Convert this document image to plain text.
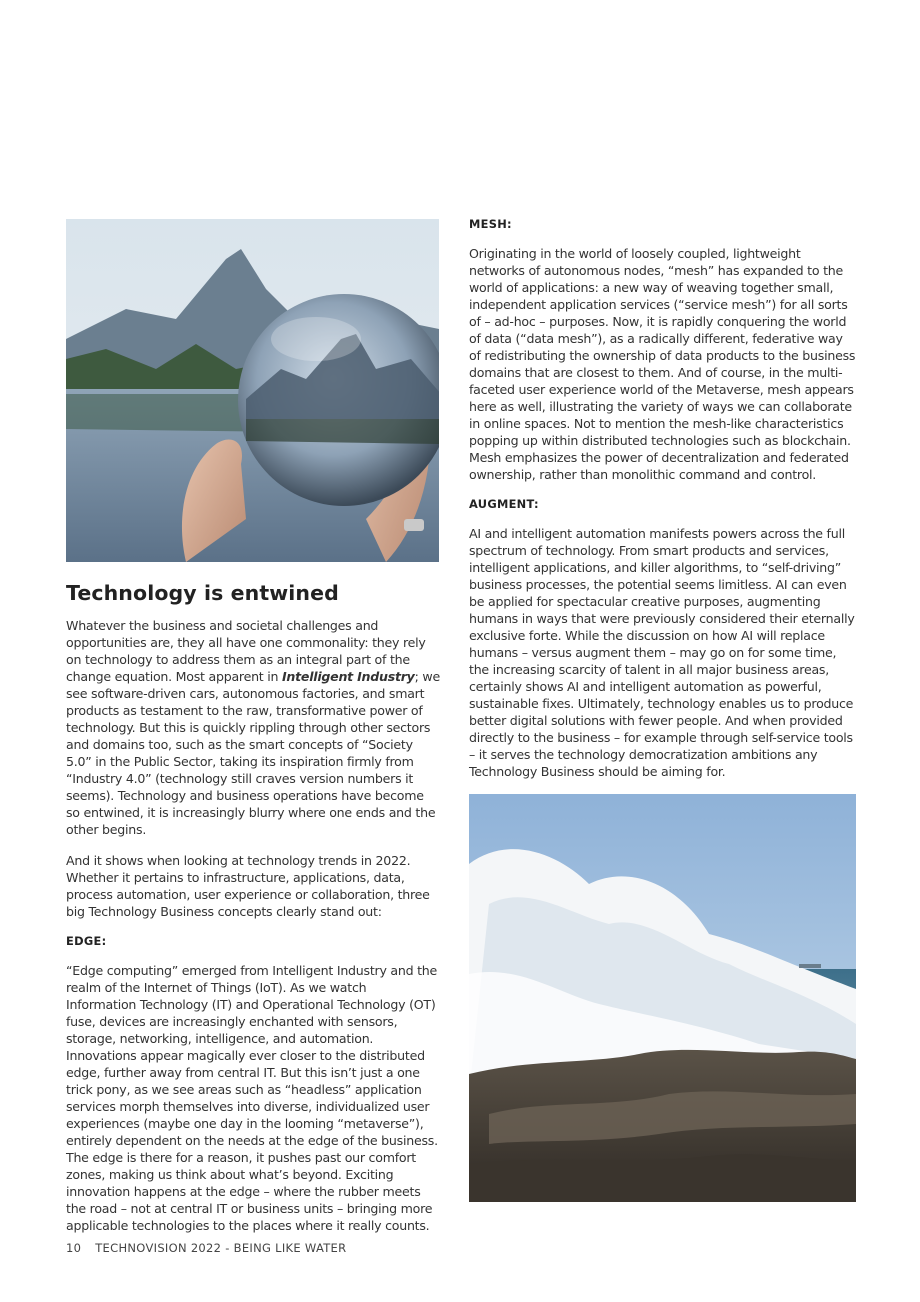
Technology is entwined

Whatever the business and societal challenges and opportunities are, they all have one commonality: they rely on technology to address them as an integral part of the change equation. Most apparent in Intelligent Industry; we see software-driven cars, autonomous factories, and smart products as testament to the raw, transformative power of technology. But this is quickly rippling through other sectors and domains too, such as the smart concepts of “Society 5.0” in the Public Sector, taking its inspiration firmly from “Industry 4.0” (technology still craves version numbers it seems). Technology and business operations have become so entwined, it is increasingly blurry where one ends and the other begins.

And it shows when looking at technology trends in 2022. Whether it pertains to infrastructure, applications, data, process automation, user experience or collaboration, three big Technology Business concepts clearly stand out:

EDGE:

“Edge computing” emerged from Intelligent Industry and the realm of the Internet of Things (IoT). As we watch Information Technology (IT) and Operational Technology (OT) fuse, devices are increasingly enchanted with sensors, storage, networking, intelligence, and automation. Innovations appear magically ever closer to the distributed edge, further away from central IT. But this isn’t just a one trick pony, as we see areas such as “headless” application services morph themselves into diverse, individualized user experiences (maybe one day in the looming “metaverse”), entirely dependent on the needs at the edge of the business. The edge is there for a reason, it pushes past our comfort zones, making us think about what’s beyond. Exciting innovation happens at the edge – where the rubber meets the road – not at central IT or business units – bringing more applicable technologies to the places where it really counts.

MESH:

Originating in the world of loosely coupled, lightweight networks of autonomous nodes, “mesh” has expanded to the world of applications: a new way of weaving together small, independent application services (“service mesh”) for all sorts of – ad-hoc – purposes. Now, it is rapidly conquering the world of data (“data mesh”), as a radically different, federative way of redistributing the ownership of data products to the business domains that are closest to them. And of course, in the multi-faceted user experience world of the Metaverse, mesh appears here as well, illustrating the variety of ways we can collaborate in online spaces. Not to mention the mesh-like characteristics popping up within distributed technologies such as blockchain. Mesh emphasizes the power of decentralization and federated ownership, rather than monolithic command and control.

AUGMENT:

AI and intelligent automation manifests powers across the full spectrum of technology. From smart products and services, intelligent applications, and killer algorithms, to “self-driving” business processes, the potential seems limitless. AI can even be applied for spectacular creative purposes, augmenting humans in ways that were previously considered their eternally exclusive forte. While the discussion on how AI will replace humans – versus augment them – may go on for some time, the increasing scarcity of talent in all major business areas, certainly shows AI and intelligent automation as powerful, sustainable fixes. Ultimately, technology enables us to produce better digital solutions with fewer people. And when provided directly to the business – for example through self-service tools – it serves the technology democratization ambitions any Technology Business should be aiming for.

10 TECHNOVISION 2022 - BEING LIKE WATER
